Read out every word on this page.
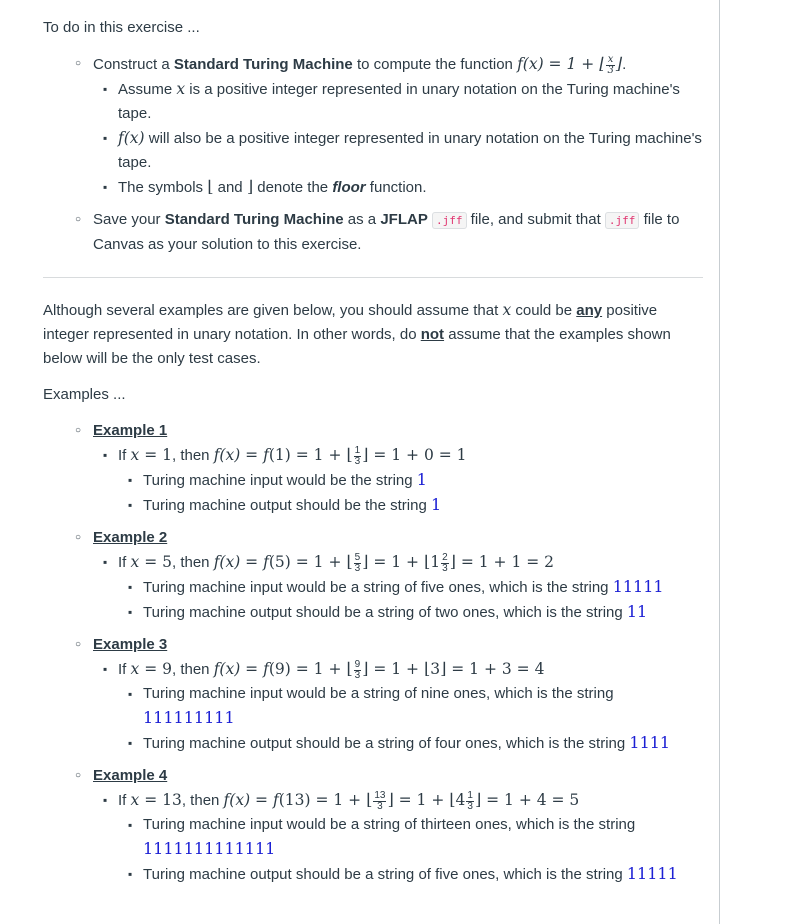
To do in this exercise ...

○ Construct a Standard Turing Machine to compute the function f(x) = 1 + ⌊ $\frac{x}{3}$ ⌋.
▪ Assume x is a positive integer represented in unary notation on the Turing machine's tape.
▪ f(x) will also be a positive integer represented in unary notation on the Turing machine's tape.
▪ The symbols ⌊ and ⌋ denote the floor function.
○ Save your Standard Turing Machine as a JFLAP .jff file, and submit that .jff file to Canvas as your solution to this exercise.

Although several examples are given below, you should assume that x could be any positive integer represented in unary notation. In other words, do not assume that the examples shown below will be the only test cases.

Examples ...

○ Example 1
▪ If x = 1, then f(x) = f(1) = 1 + ⌊ $\frac{1}{3}$ ⌋ = 1 + 0 = 1
▪ Turing machine input would be the string 1
▪ Turing machine output should be the string 1
○ Example 2
▪ If x = 5, then f(x) = f(5) = 1 + ⌊ $\frac{5}{3}$ ⌋ = 1 + ⌊1 $\frac{2}{3}$ ⌋ = 1 + 1 = 2
▪ Turing machine input would be a string of five ones, which is the string 11111
▪ Turing machine output should be a string of two ones, which is the string 11
○ Example 3
▪ If x = 9, then f(x) = f(9) = 1 + ⌊ $\frac{9}{3}$ ⌋ = 1 + ⌊3⌋ = 1 + 3 = 4
▪ Turing machine input would be a string of nine ones, which is the string 111111111
▪ Turing machine output should be a string of four ones, which is the string 1111
○ Example 4
▪ If x = 13, then f(x) = f(13) = 1 + ⌊ $\frac{13}{3}$ ⌋ = 1 + ⌊4 $\frac{1}{3}$ ⌋ = 1 + 4 = 5
▪ Turing machine input would be a string of thirteen ones, which is the string 1111111111111
▪ Turing machine output should be a string of five ones, which is the string 11111
